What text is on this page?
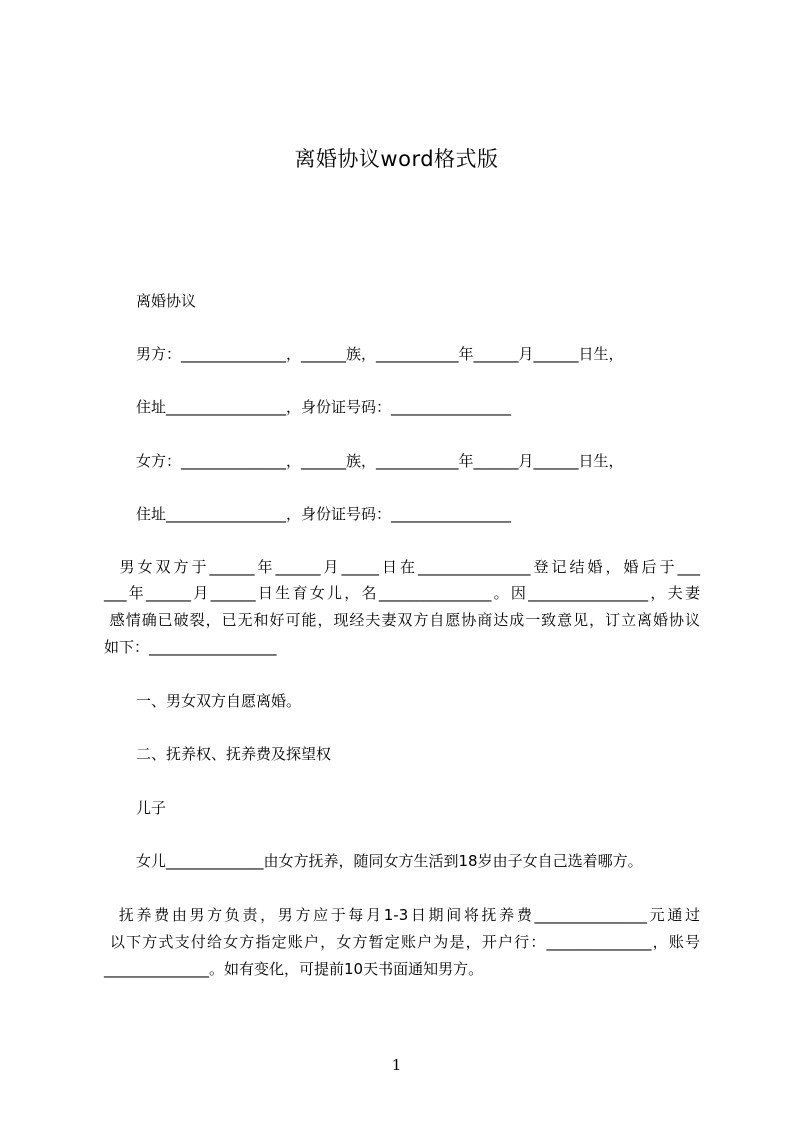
离婚协议word格式版
离婚协议
男方：______________，______族，___________年______月______日生，
住址________________，身份证号码：________________
女方：______________，______族，___________年______月______日生，
住址________________，身份证号码：________________
男女双方于______年______月_____日在_______________登记结婚，婚后于___
___年______月______日生育女儿，名_______________。因________________，夫妻
感情确已破裂，已无和好可能，现经夫妻双方自愿协商达成一致意见，订立离婚协议
如下：_________________
一、男女双方自愿离婚。
二、抚养权、抚养费及探望权
儿子
女儿_____________由女方抚养，随同女方生活到18岁由子女自己选着哪方。
抚养费由男方负责，男方应于每月1-3日期间将抚养费_______________元通过
以下方式支付给女方指定账户，女方暂定账户为是，开户行：______________，账号
______________。如有变化，可提前10天书面通知男方。
1
